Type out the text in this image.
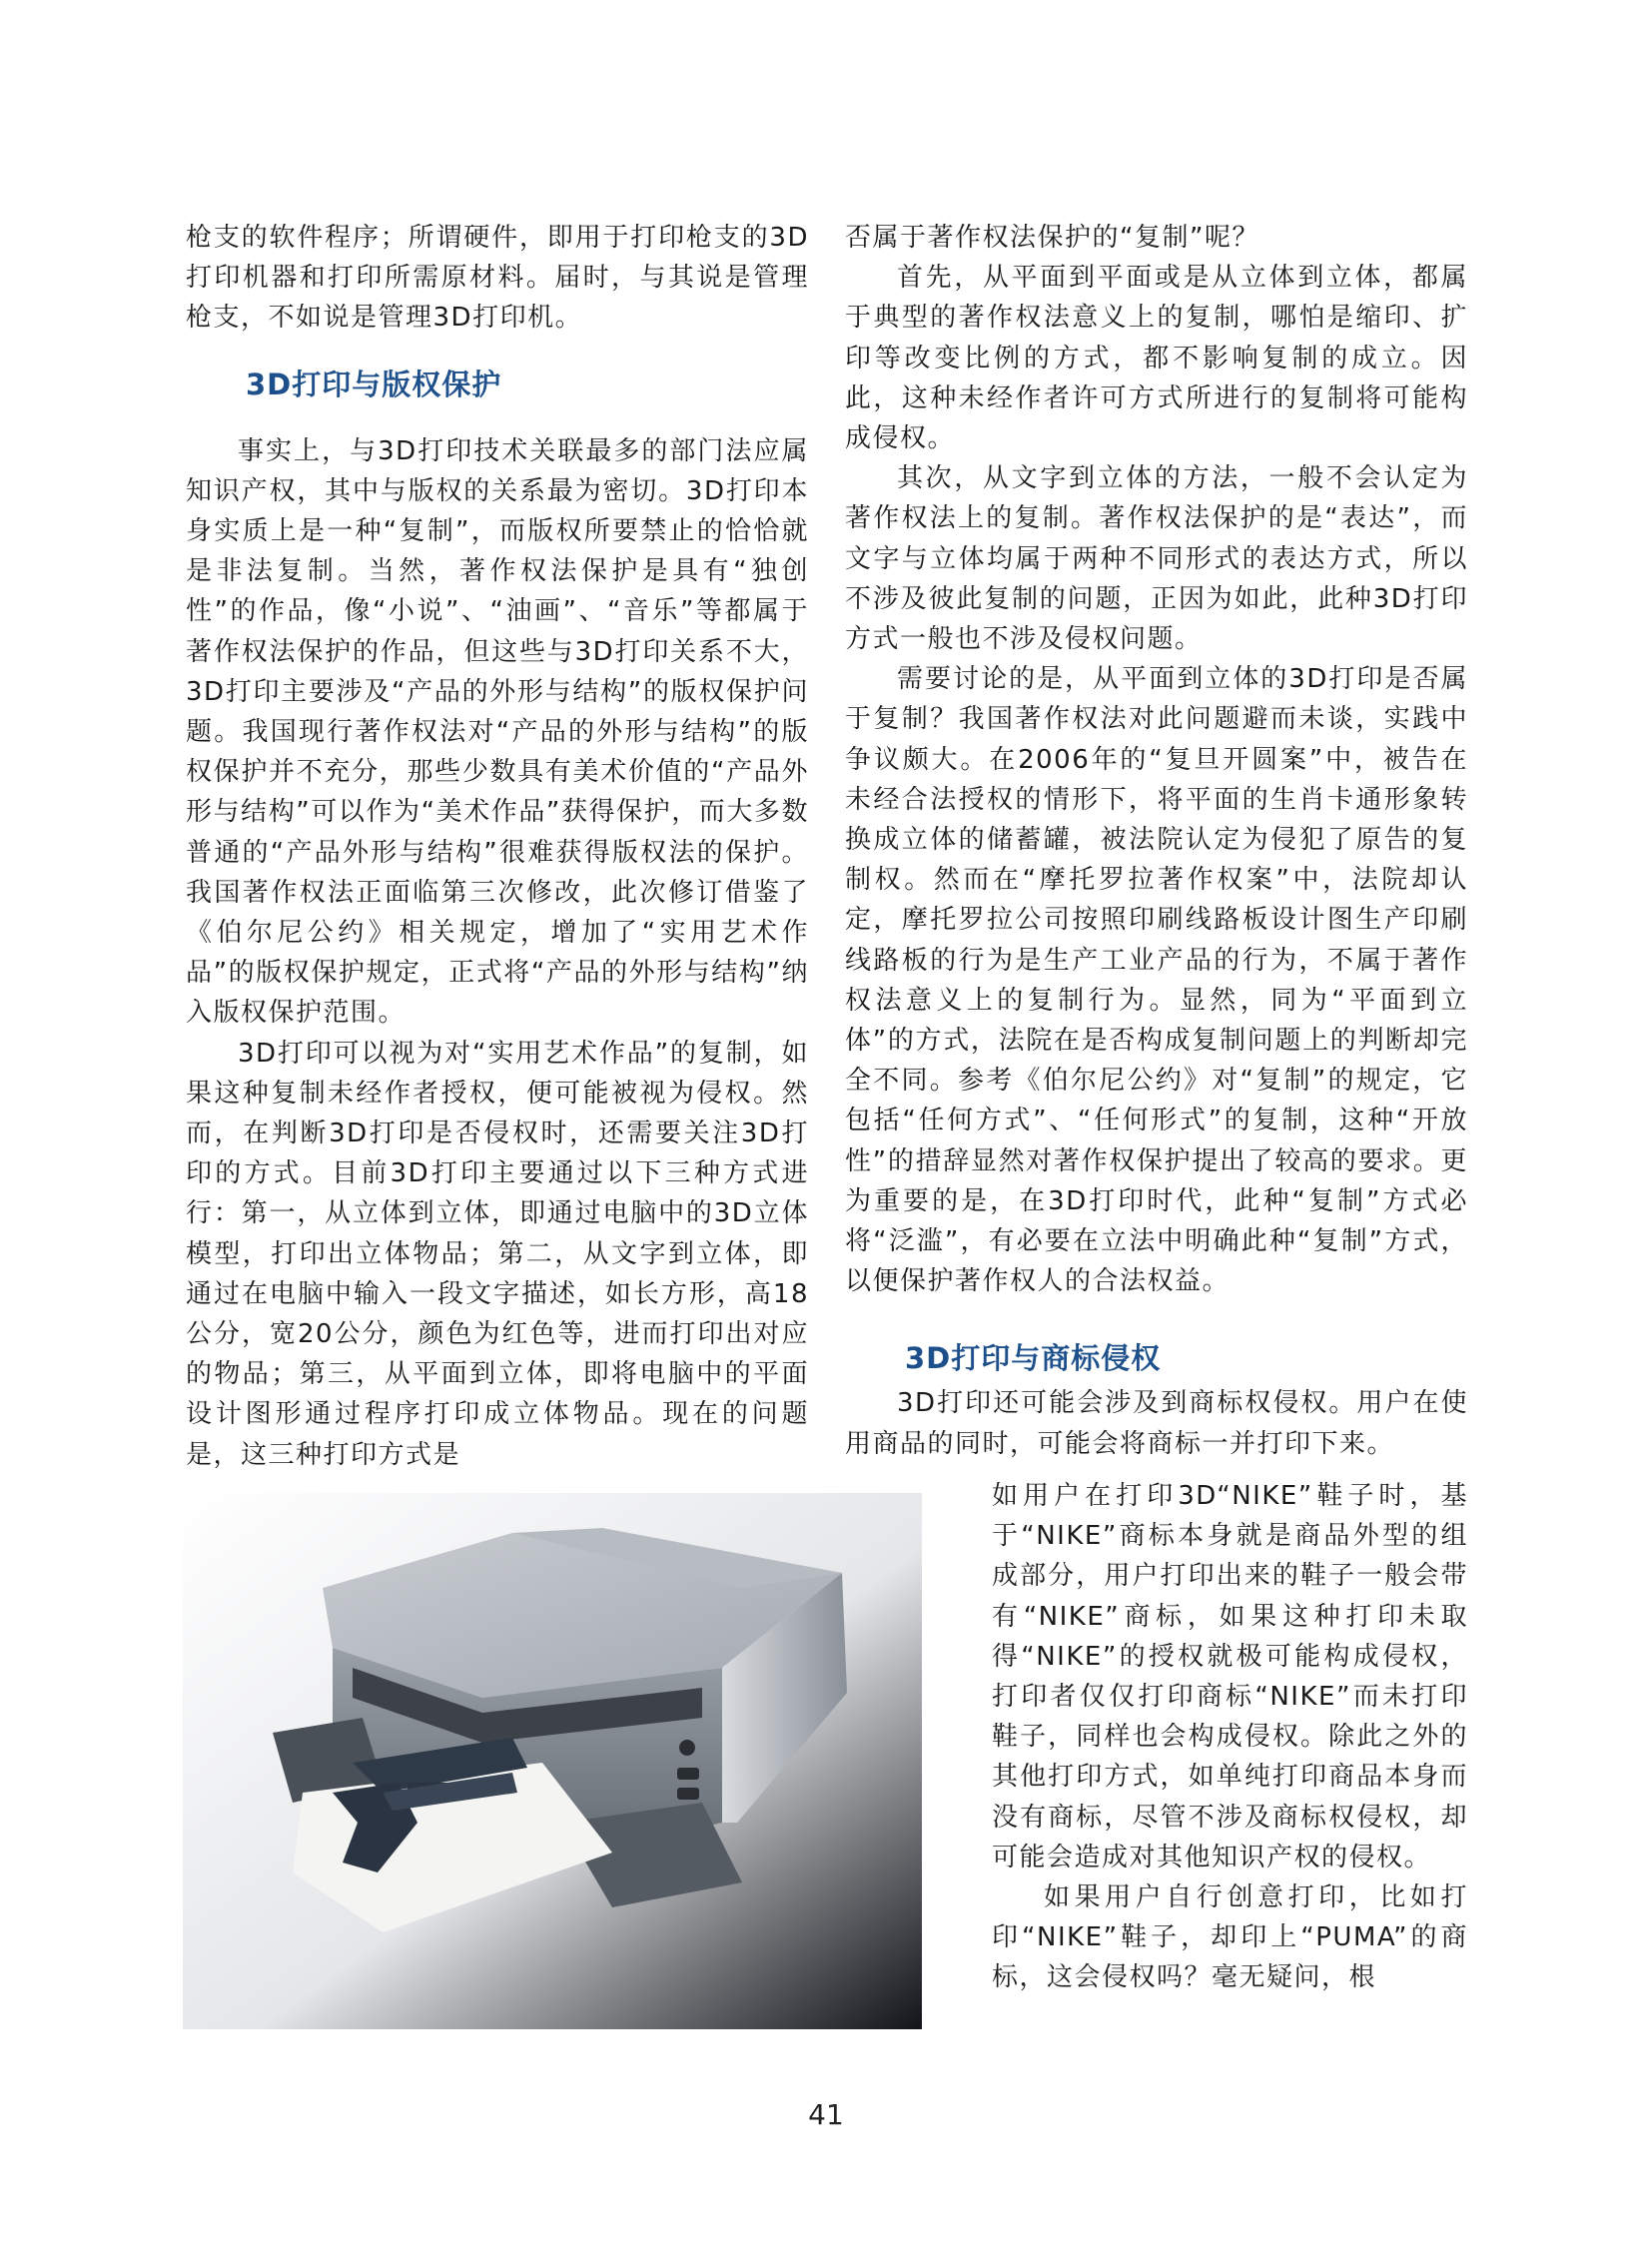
枪支的软件程序；所谓硬件，即用于打印枪支的3D打印机器和打印所需原材料。届时，与其说是管理枪支，不如说是管理3D打印机。

事实上，与3D打印技术关联最多的部门法应属知识产权，其中与版权的关系最为密切。3D打印本身实质上是一种“复制”，而版权所要禁止的恰恰就是非法复制。当然，著作权法保护是具有“独创性”的作品，像“小说”、“油画”、“音乐”等都属于著作权法保护的作品，但这些与3D打印关系不大，3D打印主要涉及“产品的外形与结构”的版权保护问题。我国现行著作权法对“产品的外形与结构”的版权保护并不充分，那些少数具有美术价值的“产品外形与结构”可以作为“美术作品”获得保护，而大多数普通的“产品外形与结构”很难获得版权法的保护。我国著作权法正面临第三次修改，此次修订借鉴了《伯尔尼公约》相关规定，增加了“实用艺术作品”的版权保护规定，正式将“产品的外形与结构”纳入版权保护范围。

3D打印可以视为对“实用艺术作品”的复制，如果这种复制未经作者授权，便可能被视为侵权。然而，在判断3D打印是否侵权时，还需要关注3D打印的方式。目前3D打印主要通过以下三种方式进行：第一，从立体到立体，即通过电脑中的3D立体模型，打印出立体物品；第二，从文字到立体，即通过在电脑中输入一段文字描述，如长方形，高18公分，宽20公分，颜色为红色等，进而打印出对应的物品；第三，从平面到立体，即将电脑中的平面设计图形通过程序打印成立体物品。现在的问题是，这三种打印方式是

3D打印与版权保护

否属于著作权法保护的“复制”呢？

首先，从平面到平面或是从立体到立体，都属于典型的著作权法意义上的复制，哪怕是缩印、扩印等改变比例的方式，都不影响复制的成立。因此，这种未经作者许可方式所进行的复制将可能构成侵权。

其次，从文字到立体的方法，一般不会认定为著作权法上的复制。著作权法保护的是“表达”，而文字与立体均属于两种不同形式的表达方式，所以不涉及彼此复制的问题，正因为如此，此种3D打印方式一般也不涉及侵权问题。

需要讨论的是，从平面到立体的3D打印是否属于复制？我国著作权法对此问题避而未谈，实践中争议颇大。在2006年的“复旦开圆案”中，被告在未经合法授权的情形下，将平面的生肖卡通形象转换成立体的储蓄罐，被法院认定为侵犯了原告的复制权。然而在“摩托罗拉著作权案”中，法院却认定，摩托罗拉公司按照印刷线路板设计图生产印刷线路板的行为是生产工业产品的行为，不属于著作权法意义上的复制行为。显然，同为“平面到立体”的方式，法院在是否构成复制问题上的判断却完全不同。参考《伯尔尼公约》对“复制”的规定，它包括“任何方式”、“任何形式”的复制，这种“开放性”的措辞显然对著作权保护提出了较高的要求。更为重要的是，在3D打印时代，此种“复制”方式必将“泛滥”，有必要在立法中明确此种“复制”方式，以便保护著作权人的合法权益。

3D打印还可能会涉及到商标权侵权。用户在使用商品的同时，可能会将商标一并打印下来。

3D打印与商标侵权

如用户在打印3D“NIKE”鞋子时，基于“NIKE”商标本身就是商品外型的组成部分，用户打印出来的鞋子一般会带有“NIKE”商标，如果这种打印未取得“NIKE”的授权就极可能构成侵权，打印者仅仅打印商标“NIKE”而未打印鞋子，同样也会构成侵权。除此之外的其他打印方式，如单纯打印商品本身而没有商标，尽管不涉及商标权侵权，却可能会造成对其他知识产权的侵权。

如果用户自行创意打印，比如打印“NIKE”鞋子，却印上“PUMA”的商标，这会侵权吗？毫无疑问，根

41
